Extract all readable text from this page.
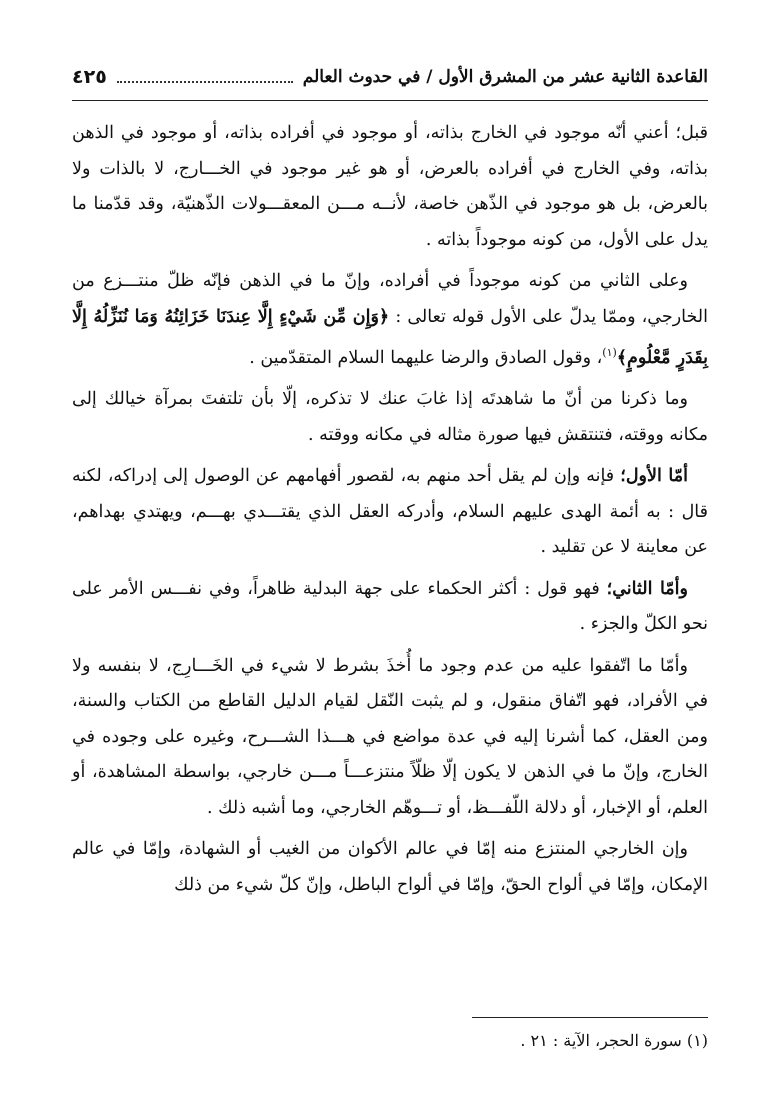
القاعدة الثانية عشر من المشرق الأول / في حدوث العالم
٤٢٥

قبل؛ أعني أنّه موجود في الخارج بذاته، أو موجود في أفراده بذاته، أو موجود في الذهن بذاته، وفي الخارج في أفراده بالعرض، أو هو غير موجود في الخـــارج، لا بالذات ولا بالعرض، بل هو موجود في الذّهن خاصة، لأنــه مـــن المعقـــولات الذّهنيّة، وقد قدّمنا ما يدل على الأول، من كونه موجوداً بذاته .

وعلى الثاني من كونه موجوداً في أفراده، وإنّ ما في الذهن فإنّه ظلّ منتـــزع من الخارجي، وممّا يدلّ على الأول قوله تعالى : ﴿وَإِن مِّن شَيْءٍ إِلَّا عِندَنَا خَزَائِنُهُ وَمَا نُنَزِّلُهُ إِلَّا بِقَدَرٍ مَّعْلُومٍ﴾$^{(١)}$، وقول الصادق والرضا عليهما السلام المتقدّمين .

وما ذكرنا من أنّ ما شاهدتَه إذا غابَ عنك لا تذكره، إلّا بأن تلتفتَ بمرآة خيالك إلى مكانه ووقته، فتنتقش فيها صورة مثاله في مكانه ووقته .

أمّا الأول؛ فإنه وإن لم يقل أحد منهم به، لقصور أفهامهم عن الوصول إلى إدراكه، لكنه قال : به أئمة الهدى عليهم السلام، وأدركه العقل الذي يقتـــدي بهـــم، ويهتدي بهداهم، عن معاينة لا عن تقليد .

وأمّا الثاني؛ فهو قول : أكثر الحكماء على جهة البدلية ظاهراً، وفي نفـــس الأمر على نحو الكلّ والجزء .

وأمّا ما اتّفقوا عليه من عدم وجود ما أُخذَ بشرط لا شيء في الخَـــارِج، لا بنفسه ولا في الأفراد، فهو اتّفاق منقول، و لم يثبت النّقل لقيام الدليل القاطع من الكتاب والسنة، ومن العقل، كما أشرنا إليه في عدة مواضع في هـــذا الشـــرح، وغيره على وجوده في الخارج، وإنّ ما في الذهن لا يكون إلّا ظلّاً منتزعـــاً مـــن خارجي، بواسطة المشاهدة، أو العلم، أو الإخبار، أو دلالة اللّفـــظ، أو تـــوهّم الخارجي، وما أشبه ذلك .

وإن الخارجي المنتزع منه إمّا في عالم الأكوان من الغيب أو الشهادة، وإمّا في عالم الإمكان، وإمّا في ألواح الحقّ، وإمّا في ألواح الباطل، وإنّ كلّ شيء من ذلك

(١) سورة الحجر، الآية : ٢١ .
